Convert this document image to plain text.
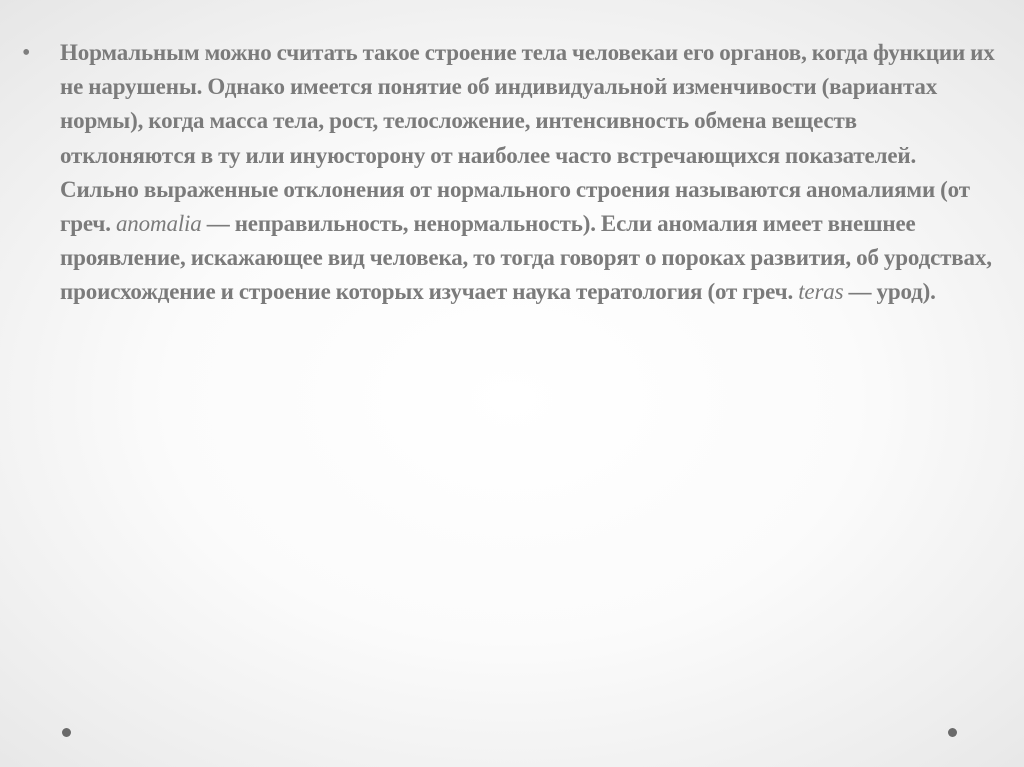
•	Нормальным можно считать такое строение тела человекаи его органов, когда функции их не нарушены. Однако имеется понятие об индивидуальной изменчивости (вариантах нормы), когда масса тела, рост, телосложение, интенсивность обмена веществ отклоняются в ту или инуюсторону от наиболее часто встречающихся показателей. Сильно выраженные отклонения от нормального строения называются аномалиями (от греч. anomalia — неправильность, ненормальность). Если аномалия имеет внешнее проявление, искажающее вид человека, то тогда говорят о пороках развития, об уродствах, происхождение и строение которых изучает наука тератология (от греч. teras — урод).
